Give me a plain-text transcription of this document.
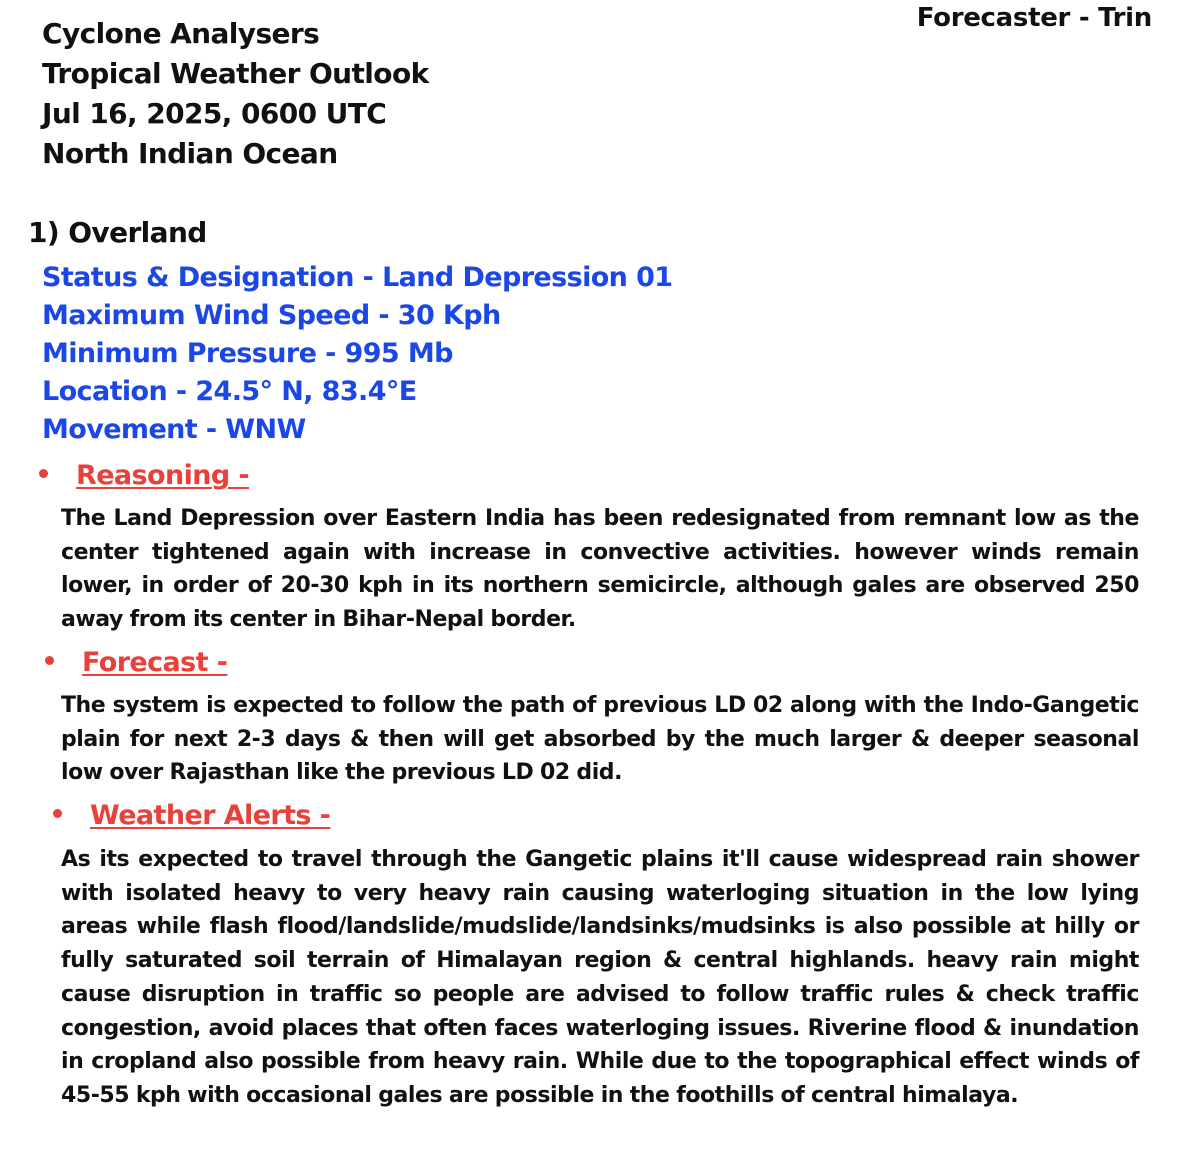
Forecaster - Trin
Cyclone Analysers
Tropical Weather Outlook
Jul 16, 2025, 0600 UTC
North Indian Ocean
1) Overland
Status & Designation - Land Depression 01
Maximum Wind Speed - 30 Kph
Minimum Pressure - 995 Mb
Location - 24.5° N, 83.4°E
Movement - WNW
Reasoning -
The Land Depression over Eastern India has been redesignated from remnant low as the center tightened again with increase in convective activities. however winds remain lower, in order of 20-30 kph in its northern semicircle, although gales are observed 250 away from its center in Bihar-Nepal border.
Forecast -
The system is expected to follow the path of previous LD 02 along with the Indo-Gangetic plain for next 2-3 days & then will get absorbed by the much larger & deeper seasonal low over Rajasthan like the previous LD 02 did.
Weather Alerts -
As its expected to travel through the Gangetic plains it'll cause widespread rain shower with isolated heavy to very heavy rain causing waterloging situation in the low lying areas while flash flood/landslide/mudslide/landsinks/mudsinks is also possible at hilly or fully saturated soil terrain of Himalayan region & central highlands. heavy rain might cause disruption in traffic so people are advised to follow traffic rules & check traffic congestion, avoid places that often faces waterloging issues. Riverine flood & inundation in cropland also possible from heavy rain. While due to the topographical effect winds of 45-55 kph with occasional gales are possible in the foothills of central himalaya.
